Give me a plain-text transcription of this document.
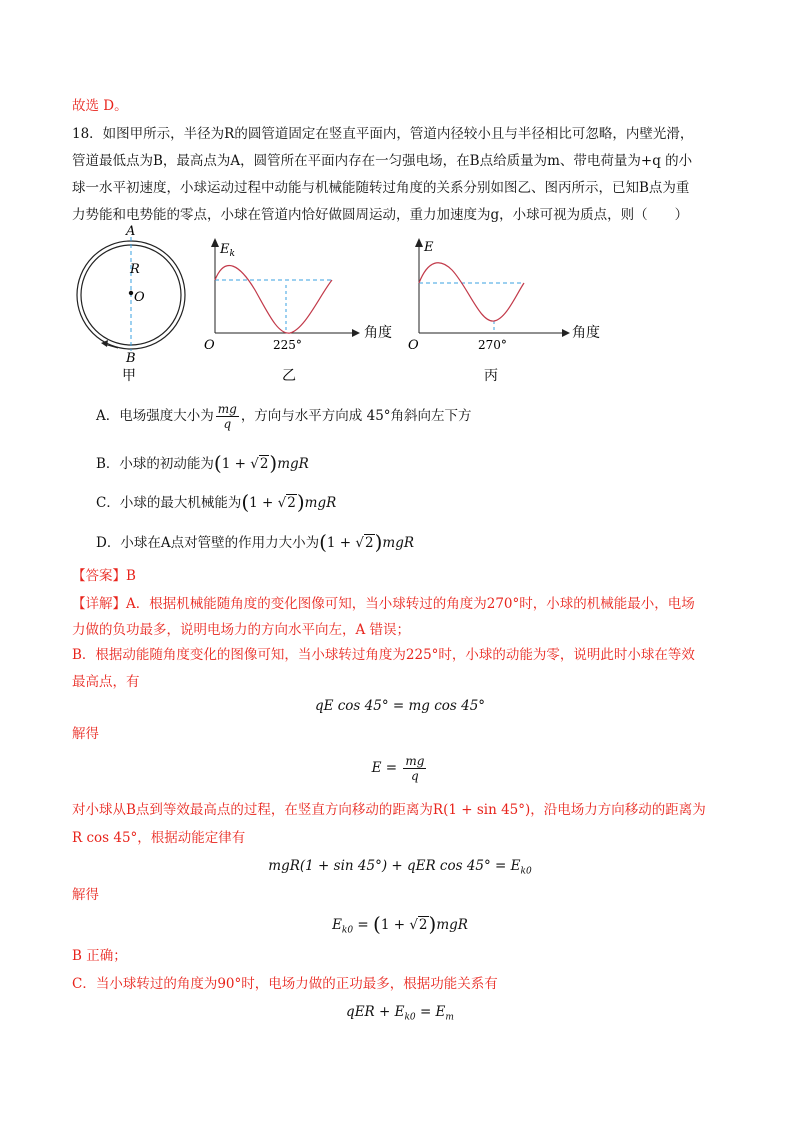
故选 D。
18．如图甲所示，半径为R的圆管道固定在竖直平面内，管道内径较小且与半径相比可忽略，内壁光滑，
管道最低点为B，最高点为A，圆管所在平面内存在一匀强电场，在B点给质量为m、带电荷量为+q 的小
球一水平初速度，小球运动过程中动能与机械能随转过角度的关系分别如图乙、图丙所示，已知B点为重
力势能和电势能的零点，小球在管道内恰好做圆周运动，重力加速度为g，小球可视为质点，则（　　）
A
R
O
B
甲
$E_k$
O	225°
角度
乙
E
O	270°
角度
丙
A．电场强度大小为 $\frac{mg}{q}$ ，方向与水平方向成 45°角斜向左下方
B．小球的初动能为(1 + √2)mgR
C．小球的最大机械能为(1 + √2)mgR
D．小球在A点对管壁的作用力大小为(1 + √2)mgR
【答案】B
【详解】A．根据机械能随角度的变化图像可知，当小球转过的角度为270°时，小球的机械能最小，电场
力做的负功最多，说明电场力的方向水平向左，A 错误；
B．根据动能随角度变化的图像可知，当小球转过角度为225°时，小球的动能为零，说明此时小球在等效
最高点，有
qE cos 45° = mg cos 45°
解得
$E = \frac{mg}{q}$
对小球从B点到等效最高点的过程，在竖直方向移动的距离为R(1 + sin 45°)，沿电场力方向移动的距离为
R cos 45°，根据动能定律有
mgR(1 + sin 45°) + qER $\cos 45^\circ = E_{k0}$
解得
$E_{k0} = (1 + √2)mgR$
B 正确；
C．当小球转过的角度为90°时，电场力做的正功最多，根据功能关系有
qER + $E_{k0} = E_m$
